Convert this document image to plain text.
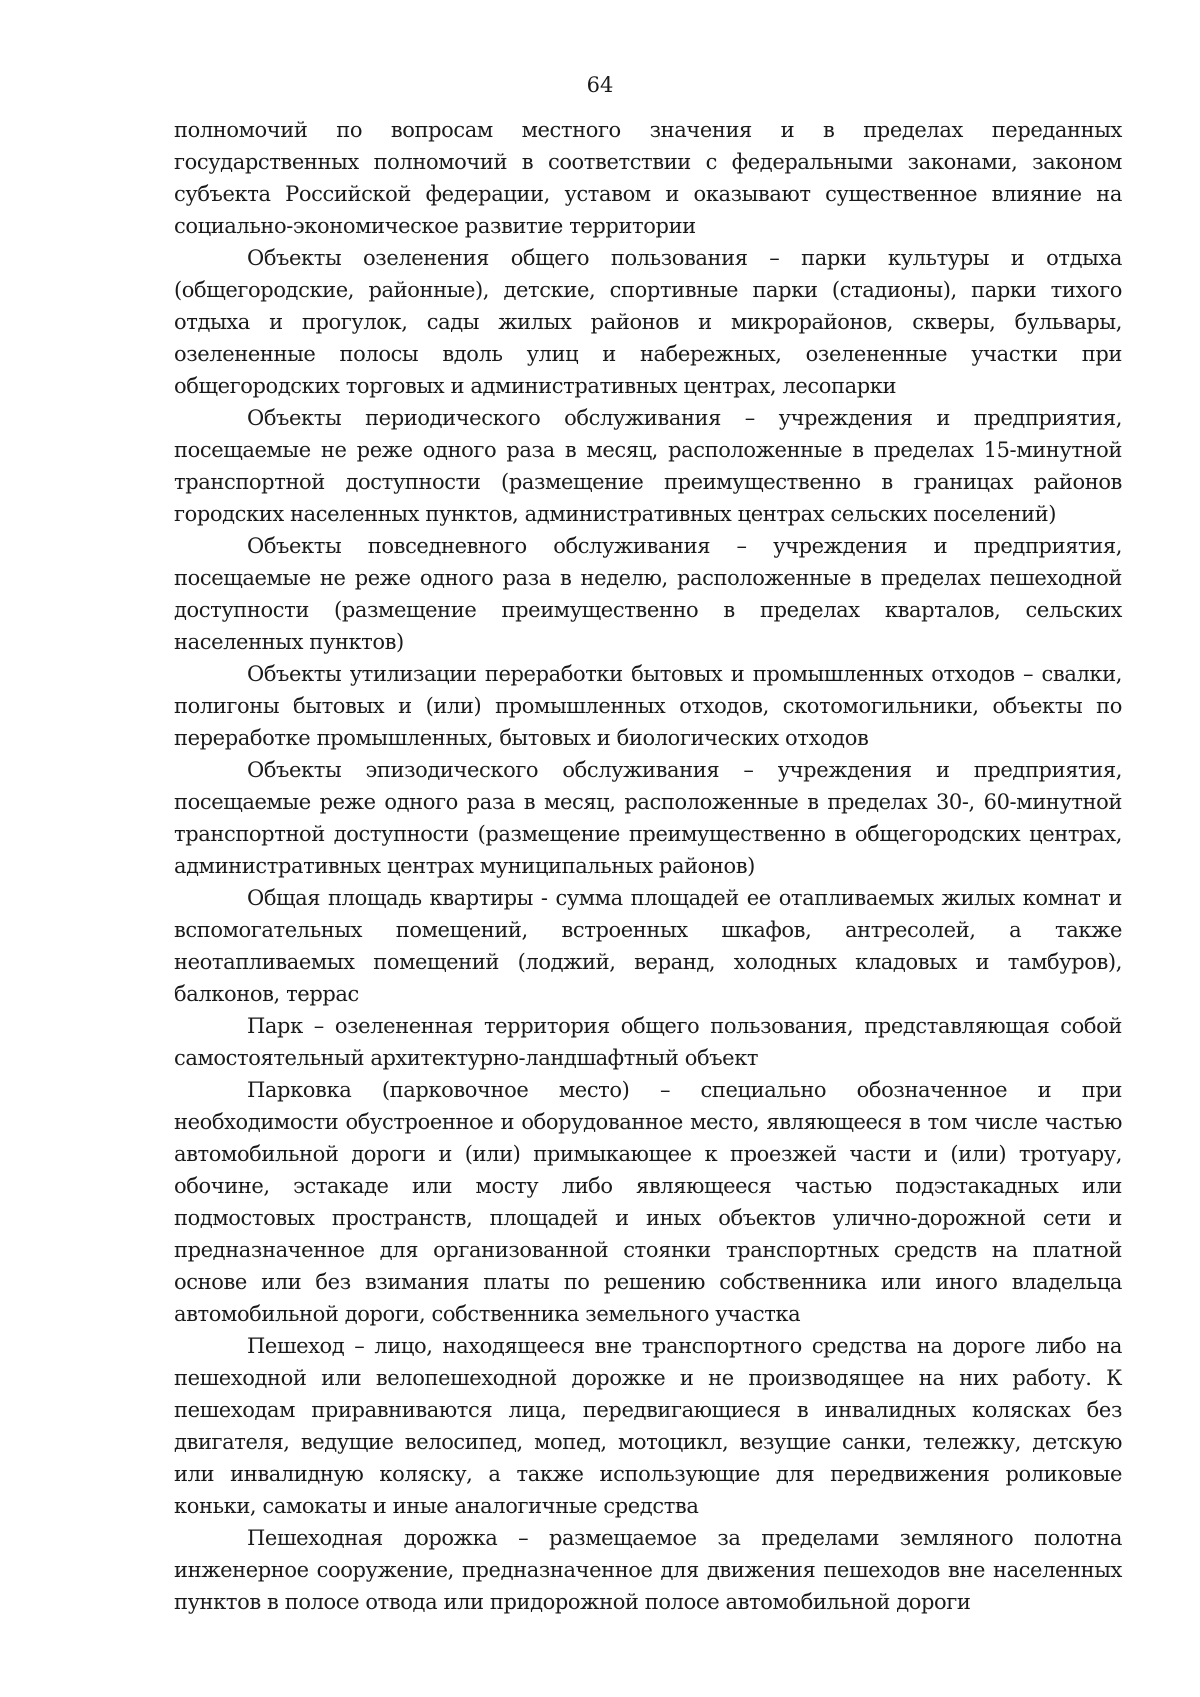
64

полномочий по вопросам местного значения и в пределах переданных государственных полномочий в соответствии с федеральными законами, законом субъекта Российской федерации, уставом и оказывают существенное влияние на социально-экономическое развитие территории

Объекты озеленения общего пользования – парки культуры и отдыха (общегородские, районные), детские, спортивные парки (стадионы), парки тихого отдыха и прогулок, сады жилых районов и микрорайонов, скверы, бульвары, озелененные полосы вдоль улиц и набережных, озелененные участки при общегородских торговых и административных центрах, лесопарки

Объекты периодического обслуживания – учреждения и предприятия, посещаемые не реже одного раза в месяц, расположенные в пределах 15-минутной транспортной доступности (размещение преимущественно в границах районов городских населенных пунктов, административных центрах сельских поселений)

Объекты повседневного обслуживания – учреждения и предприятия, посещаемые не реже одного раза в неделю, расположенные в пределах пешеходной доступности (размещение преимущественно в пределах кварталов, сельских населенных пунктов)

Объекты утилизации переработки бытовых и промышленных отходов – свалки, полигоны бытовых и (или) промышленных отходов, скотомогильники, объекты по переработке промышленных, бытовых и биологических отходов

Объекты эпизодического обслуживания – учреждения и предприятия, посещаемые реже одного раза в месяц, расположенные в пределах 30-, 60-минутной транспортной доступности (размещение преимущественно в общегородских центрах, административных центрах муниципальных районов)

Общая площадь квартиры - сумма площадей ее отапливаемых жилых комнат и вспомогательных помещений, встроенных шкафов, антресолей, а также неотапливаемых помещений (лоджий, веранд, холодных кладовых и тамбуров), балконов, террас

Парк – озелененная территория общего пользования, представляющая собой самостоятельный архитектурно-ландшафтный объект

Парковка (парковочное место) – специально обозначенное и при необходимости обустроенное и оборудованное место, являющееся в том числе частью автомобильной дороги и (или) примыкающее к проезжей части и (или) тротуару, обочине, эстакаде или мосту либо являющееся частью подэстакадных или подмостовых пространств, площадей и иных объектов улично-дорожной сети и предназначенное для организованной стоянки транспортных средств на платной основе или без взимания платы по решению собственника или иного владельца автомобильной дороги, собственника земельного участка

Пешеход – лицо, находящееся вне транспортного средства на дороге либо на пешеходной или велопешеходной дорожке и не производящее на них работу. К пешеходам приравниваются лица, передвигающиеся в инвалидных колясках без двигателя, ведущие велосипед, мопед, мотоцикл, везущие санки, тележку, детскую или инвалидную коляску, а также использующие для передвижения роликовые коньки, самокаты и иные аналогичные средства

Пешеходная дорожка – размещаемое за пределами земляного полотна инженерное сооружение, предназначенное для движения пешеходов вне населенных пунктов в полосе отвода или придорожной полосе автомобильной дороги
